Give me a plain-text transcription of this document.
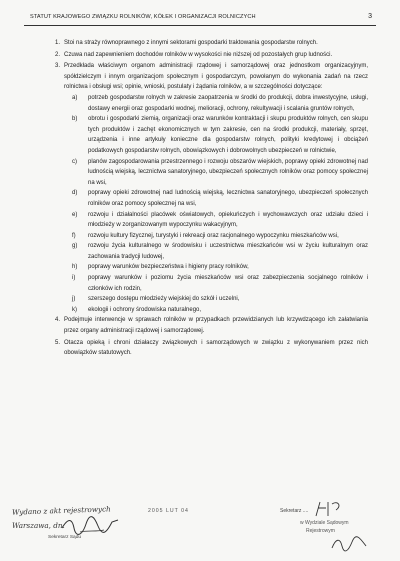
STATUT KRAJOWEGO ZWIĄZKU ROLNIKÓW, KÓŁEK I ORGANIZACJI ROLNICZYCH	3
1. Stoi na straży równoprawnego z innymi sektorami gospodarki traktowania gospodarstw rolnych.
2. Czuwa nad zapewnieniem dochodów rolników w wysokości nie niższej od pozostałych grup ludności.
3. Przedkłada właściwym organom administracji rządowej i samorządowej oraz jednostkom organizacyjnym, spółdzielczym i innym organizacjom społecznym i gospodarczym, powołanym do wykonania zadań na rzecz rolnictwa i obsługi wsi; opinie, wnioski, postulaty i żądania rolników, a w szczególności dotyczące:
a)	potrzeb gospodarstw rolnych w zakresie zaopatrzenia w środki do produkcji, dobra inwestycyjne, usługi, dostawy energii oraz gospodarki wodnej, melioracji, ochrony, rekultywacji i scalania gruntów rolnych,
b)	obrotu i gospodarki ziemią, organizacji oraz warunków kontraktacji i skupu produktów rolnych, cen skupu tych produktów i zachęt ekonomicznych w tym zakresie, cen na środki produkcji, materiały, sprzęt, urządzenia i inne artykuły konieczne dla gospodarstw rolnych, polityki kredytowej i obciążeń podatkowych gospodarstw rolnych, obowiązkowych i dobrowolnych ubezpieczeń w rolnictwie,
c)	planów zagospodarowania przestrzennego i rozwoju obszarów wiejskich, poprawy opieki zdrowotnej nad ludnością wiejską, lecznictwa sanatoryjnego, ubezpieczeń społecznych rolników oraz pomocy społecznej na wsi,
d)	poprawy opieki zdrowotnej nad ludnością wiejską, lecznictwa sanatoryjnego, ubezpieczeń społecznych rolników oraz pomocy społecznej na wsi,
e)	rozwoju i działalności placówek oświatowych, opiekuńczych i wychowawczych oraz udziału dzieci i młodzieży w zorganizowanym wypoczynku wakacyjnym,
f)	rozwoju kultury fizycznej, turystyki i rekreacji oraz racjonalnego wypoczynku mieszkańców wsi,
g)	rozwoju życia kulturalnego w środowisku i uczestnictwa mieszkańców wsi w życiu kulturalnym oraz zachowania tradycji ludowej,
h)	poprawy warunków bezpieczeństwa i higieny pracy rolników,
i)	poprawy warunków i poziomu życia mieszkańców wsi oraz zabezpieczenia socjalnego rolników i członków ich rodzin,
j)	szerszego dostępu młodzieży wiejskiej do szkół i uczelni,
k)	ekologii i ochrony środowiska naturalnego,
4. Podejmuje interwencje w sprawach rolników w przypadkach przewidzianych lub krzywdzącego ich załatwiania przez organy administracji rządowej i samorządowej.
5. Otacza opieką i chroni działaczy związkowych i samorządowych w związku z wykonywaniem przez nich obowiązków statutowych.
Wydano z akt rejestrowych
Warszawa, dn.
Sekretarz Sądu
2005 LUT 04	Sekretarz ....
w Wydziale Sądowym
Rejestrowym
